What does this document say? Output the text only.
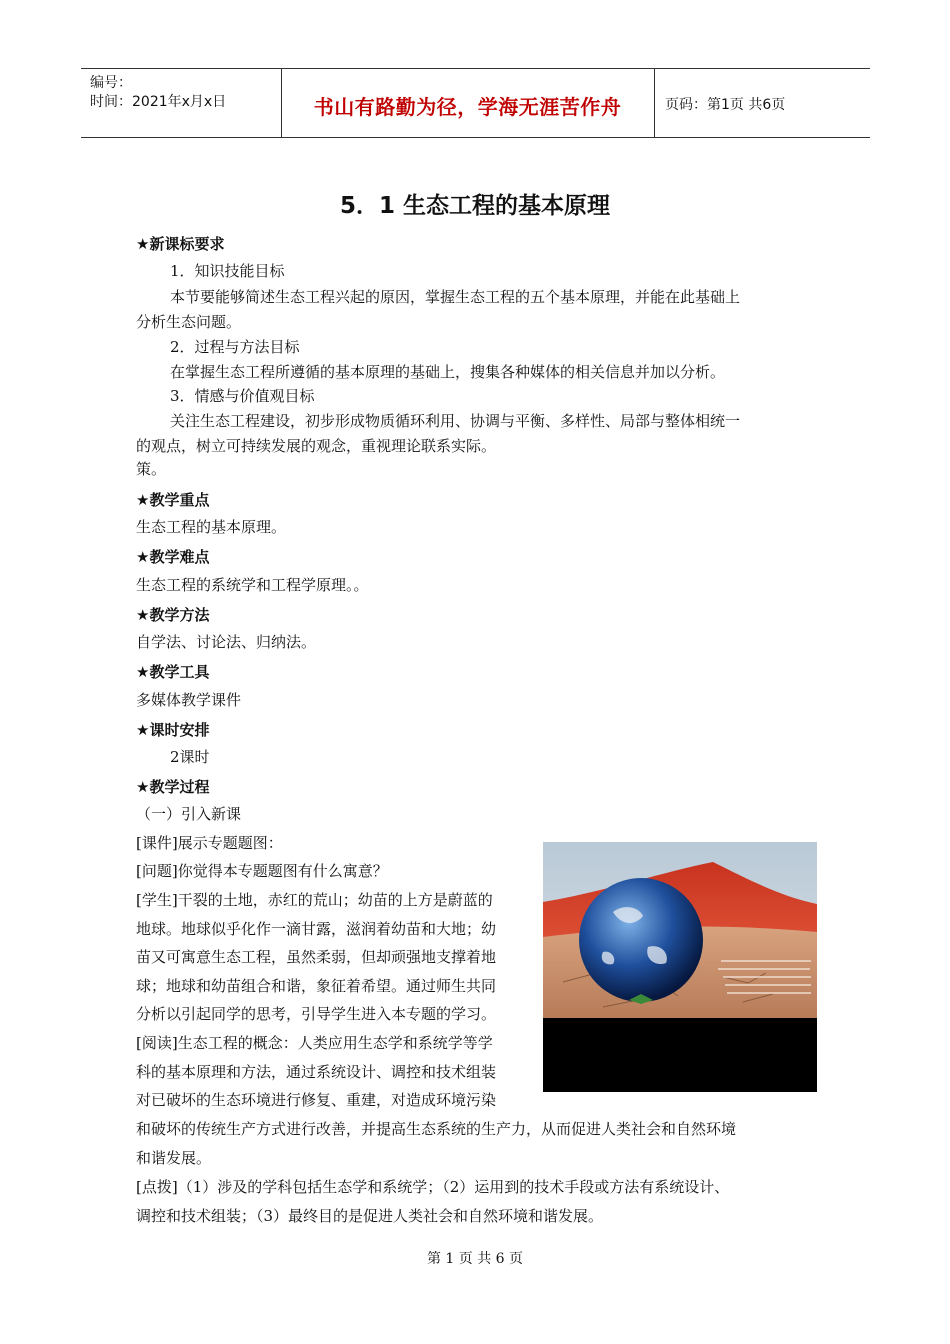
编号：
时间：2021年x月x日	书山有路勤为径，学海无涯苦作舟	页码：第1页 共6页
5．1 生态工程的基本原理
★新课标要求
1．知识技能目标
本节要能够简述生态工程兴起的原因，掌握生态工程的五个基本原理，并能在此基础上
分析生态问题。
2．过程与方法目标
在掌握生态工程所遵循的基本原理的基础上，搜集各种媒体的相关信息并加以分析。
3．情感与价值观目标
关注生态工程建设，初步形成物质循环利用、协调与平衡、多样性、局部与整体相统一
的观点，树立可持续发展的观念，重视理论联系实际。
策。
★教学重点
生态工程的基本原理。
★教学难点
生态工程的系统学和工程学原理。。
★教学方法
自学法、讨论法、归纳法。
★教学工具
多媒体教学课件
★课时安排
2课时
★教学过程
（一）引入新课
[课件]展示专题题图：
[问题]你觉得本专题题图有什么寓意？
[学生]干裂的土地，赤红的荒山；幼苗的上方是蔚蓝的
地球。地球似乎化作一滴甘露，滋润着幼苗和大地；幼
苗又可寓意生态工程，虽然柔弱，但却顽强地支撑着地
球；地球和幼苗组合和谐，象征着希望。通过师生共同
分析以引起同学的思考，引导学生进入本专题的学习。
[阅读]生态工程的概念：人类应用生态学和系统学等学
科的基本原理和方法，通过系统设计、调控和技术组装
对已破坏的生态环境进行修复、重建，对造成环境污染
和破坏的传统生产方式进行改善，并提高生态系统的生产力，从而促进人类社会和自然环境
和谐发展。
[点拨]（1）涉及的学科包括生态学和系统学；（2）运用到的技术手段或方法有系统设计、
调控和技术组装；（3）最终目的是促进人类社会和自然环境和谐发展。
第 1 页 共 6 页
